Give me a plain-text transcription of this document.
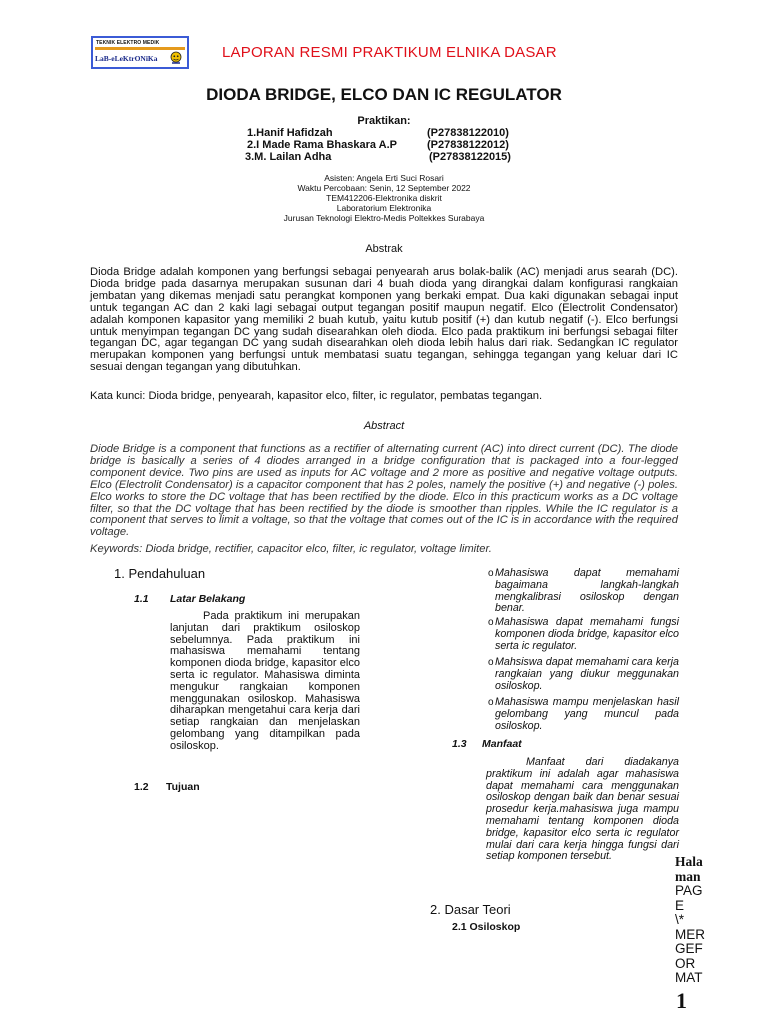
TEKNIK ELEKTRO MEDIK
LaB-eLeKtrONiKa	LAPORAN RESMI PRAKTIKUM ELNIKA DASAR
DIODA BRIDGE, ELCO DAN IC REGULATOR
Praktikan:
1.Hanif Hafidzah	(P27838122010)
2.I Made Rama Bhaskara A.P	(P27838122012)
3.M. Lailan Adha	(P27838122015)
Asisten: Angela Erti Suci Rosari
Waktu Percobaan: Senin, 12 September 2022
TEM412206-Elektronika diskrit
Laboratorium Elektronika
Jurusan Teknologi Elektro-Medis Poltekkes Surabaya
Abstrak
Dioda Bridge adalah komponen yang berfungsi sebagai penyearah arus bolak-balik (AC) menjadi arus searah (DC). Dioda bridge pada dasarnya merupakan susunan dari 4 buah dioda yang dirangkai dalam konfigurasi rangkaian jembatan yang dikemas menjadi satu perangkat komponen yang berkaki empat. Dua kaki digunakan sebagai input untuk tegangan AC dan 2 kaki lagi sebagai output tegangan positif maupun negatif. Elco (Electrolit Condensator) adalah komponen kapasitor yang memiliki 2 buah kutub, yaitu kutub positif (+) dan kutub negatif (-). Elco berfungsi untuk menyimpan tegangan DC yang sudah disearahkan oleh dioda. Elco pada praktikum ini berfungsi sebagai filter tegangan DC, agar tegangan DC yang sudah disearahkan oleh dioda lebih halus dari riak. Sedangkan IC regulator merupakan komponen yang berfungsi untuk membatasi suatu tegangan, sehingga tegangan yang keluar dari IC sesuai dengan tegangan yang dibutuhkan.
Kata kunci: Dioda bridge, penyearah, kapasitor elco, filter, ic regulator, pembatas tegangan.
Abstract
Diode Bridge is a component that functions as a rectifier of alternating current (AC) into direct current (DC). The diode bridge is basically a series of 4 diodes arranged in a bridge configuration that is packaged into a four-legged component device. Two pins are used as inputs for AC voltage and 2 more as positive and negative voltage outputs. Elco (Electrolit Condensator) is a capacitor component that has 2 poles, namely the positive (+) and negative (-) poles. Elco works to store the DC voltage that has been rectified by the diode. Elco in this practicum works as a DC voltage filter, so that the DC voltage that has been rectified by the diode is smoother than ripples. While the IC regulator is a component that serves to limit a voltage, so that the voltage that comes out of the IC is in accordance with the required voltage.
Keywords: Dioda bridge, rectifier, capacitor elco, filter, ic regulator, voltage limiter.
1. Pendahuluan
1.1 Latar Belakang
Pada praktikum ini merupakan lanjutan dari praktikum osiloskop sebelumnya. Pada praktikum ini mahasiswa memahami tentang komponen dioda bridge, kapasitor elco serta ic regulator. Mahasiswa diminta mengukur rangkaian komponen menggunakan osiloskop. Mahasiswa diharapkan mengetahui cara kerja dari setiap rangkaian dan menjelaskan gelombang yang ditampilkan pada osiloskop.
1.2 Tujuan
o Mahasiswa dapat memahami bagaimana langkah-langkah mengkalibrasi osiloskop dengan benar.
o Mahasiswa dapat memahami fungsi komponen dioda bridge, kapasitor elco serta ic regulator.
o Mahsiswa dapat memahami cara kerja rangkaian yang diukur meggunakan osiloskop.
o Mahasiswa mampu menjelaskan hasil gelombang yang muncul pada osiloskop.
1.3 Manfaat
Manfaat dari diadakanya praktikum ini adalah agar mahasiswa dapat memahami cara menggunakan osiloskop dengan baik dan benar sesuai prosedur kerja.mahasiswa juga mampu memahami tentang komponen dioda bridge, kapasitor elco serta ic regulator mulai dari cara kerja hingga fungsi dari setiap komponen tersebut.
2. Dasar Teori
2.1 Osiloskop
Hala
man
PAG
E
\*
MER
GEF
OR
MAT
1
